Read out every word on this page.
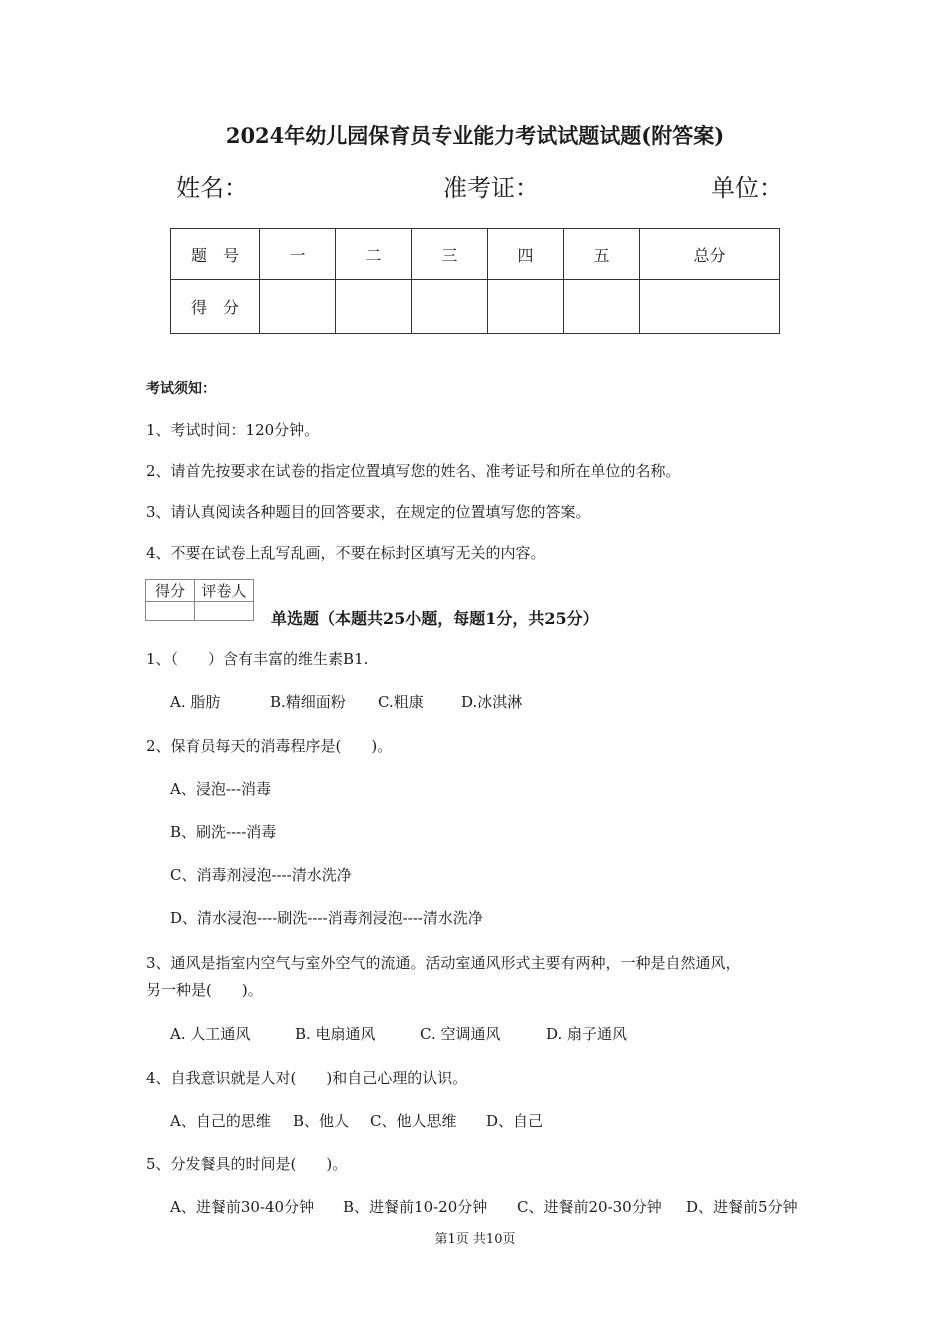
2024年幼儿园保育员专业能力考试试题试题(附答案)
姓名：	准考证：	单位：
题　号	一	二	三	四	五	总分
得　分						
考试须知：
1、考试时间：120分钟。
2、请首先按要求在试卷的指定位置填写您的姓名、准考证号和所在单位的名称。
3、请认真阅读各种题目的回答要求，在规定的位置填写您的答案。
4、不要在试卷上乱写乱画，不要在标封区填写无关的内容。
得分	评卷人

单选题（本题共25小题，每题1分，共25分）
1、（　　）含有丰富的维生素B1.
A. 脂肪	B.精细面粉 C.粗康 D.冰淇淋
2、保育员每天的消毒程序是(　　)。
A、浸泡---消毒
B、刷洗----消毒
C、消毒剂浸泡----清水洗净
D、清水浸泡----刷洗----消毒剂浸泡----清水洗净
3、通风是指室内空气与室外空气的流通。活动室通风形式主要有两种，一种是自然通风，
另一种是(　　)。
A. 人工通风	B. 电扇通风	C. 空调通风	D. 扇子通风
4、自我意识就是人对(　　)和自己心理的认识。
A、自己的思维 B、他人 C、他人思维 D、自己
5、分发餐具的时间是(　　)。
A、进餐前30-40分钟 B、进餐前10-20分钟 C、进餐前20-30分钟 D、进餐前5分钟
第1页 共10页
